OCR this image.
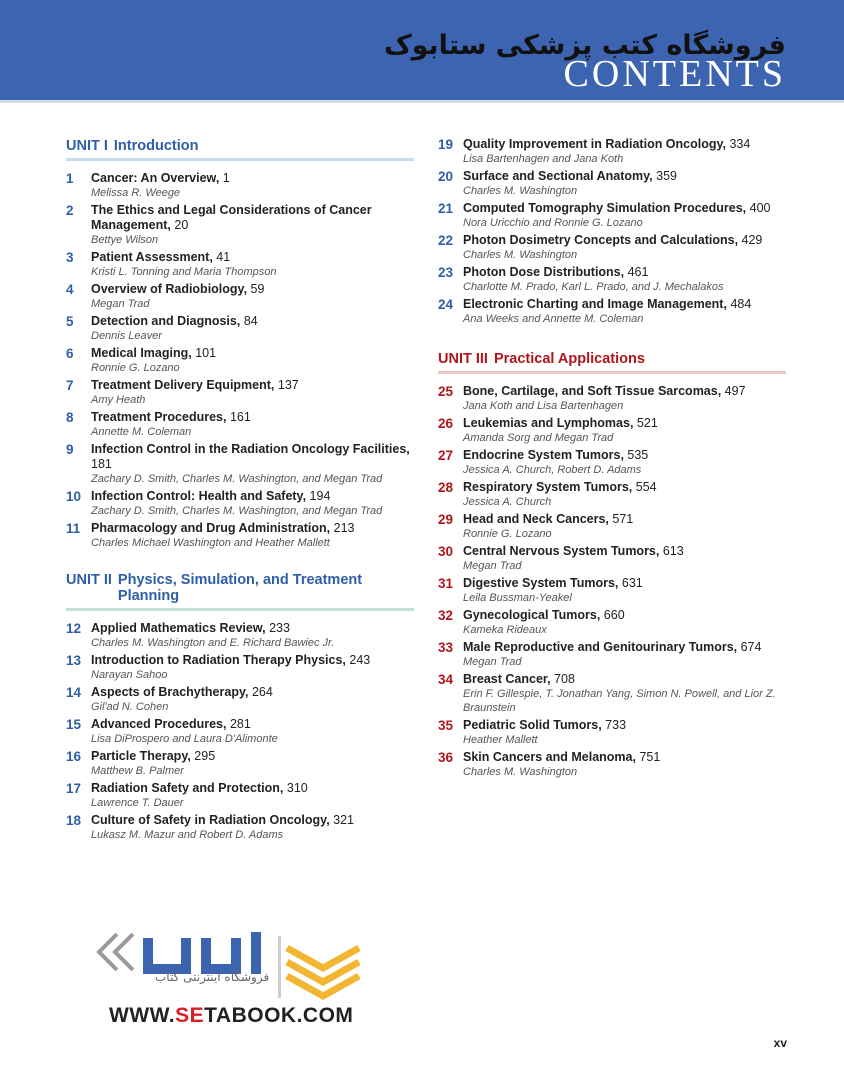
فروشگاه کتب پزشکی ستابوک
CONTENTS
UNIT I Introduction
1	Cancer: An Overview, 1
Melissa R. Weege
2	The Ethics and Legal Considerations of Cancer Management, 20
Bettye Wilson
3	Patient Assessment, 41
Kristi L. Tonning and Maria Thompson
4	Overview of Radiobiology, 59
Megan Trad
5	Detection and Diagnosis, 84
Dennis Leaver
6	Medical Imaging, 101
Ronnie G. Lozano
7	Treatment Delivery Equipment, 137
Amy Heath
8	Treatment Procedures, 161
Annette M. Coleman
9	Infection Control in the Radiation Oncology Facilities, 181
Zachary D. Smith, Charles M. Washington, and Megan Trad
10 Infection Control: Health and Safety, 194
Zachary D. Smith, Charles M. Washington, and Megan Trad
11 Pharmacology and Drug Administration, 213
Charles Michael Washington and Heather Mallett
UNIT II Physics, Simulation, and Treatment Planning
12 Applied Mathematics Review, 233
Charles M. Washington and E. Richard Bawiec Jr.
13 Introduction to Radiation Therapy Physics, 243
Narayan Sahoo
14 Aspects of Brachytherapy, 264
Gil'ad N. Cohen
15 Advanced Procedures, 281
Lisa DiProspero and Laura D'Alimonte
16 Particle Therapy, 295
Matthew B. Palmer
17 Radiation Safety and Protection, 310
Lawrence T. Dauer
18 Culture of Safety in Radiation Oncology, 321
Lukasz M. Mazur and Robert D. Adams
19 Quality Improvement in Radiation Oncology, 334
Lisa Bartenhagen and Jana Koth
20 Surface and Sectional Anatomy, 359
Charles M. Washington
21 Computed Tomography Simulation Procedures, 400
Nora Uricchio and Ronnie G. Lozano
22 Photon Dosimetry Concepts and Calculations, 429
Charles M. Washington
23 Photon Dose Distributions, 461
Charlotte M. Prado, Karl L. Prado, and J. Mechalakos
24 Electronic Charting and Image Management, 484
Ana Weeks and Annette M. Coleman
UNIT III Practical Applications
25 Bone, Cartilage, and Soft Tissue Sarcomas, 497
Jana Koth and Lisa Bartenhagen
26 Leukemias and Lymphomas, 521
Amanda Sorg and Megan Trad
27 Endocrine System Tumors, 535
Jessica A. Church, Robert D. Adams
28 Respiratory System Tumors, 554
Jessica A. Church
29 Head and Neck Cancers, 571
Ronnie G. Lozano
30 Central Nervous System Tumors, 613
Megan Trad
31 Digestive System Tumors, 631
Leila Bussman-Yeakel
32 Gynecological Tumors, 660
Kameka Rideaux
33 Male Reproductive and Genitourinary Tumors, 674
Megan Trad
34 Breast Cancer, 708
Erin F. Gillespie, T. Jonathan Yang, Simon N. Powell, and Lior Z. Braunstein
35 Pediatric Solid Tumors, 733
Heather Mallett
36 Skin Cancers and Melanoma, 751
Charles M. Washington
فروشگاه اینترنتی کتاب
WWW.SETABOOK.COM
xv
